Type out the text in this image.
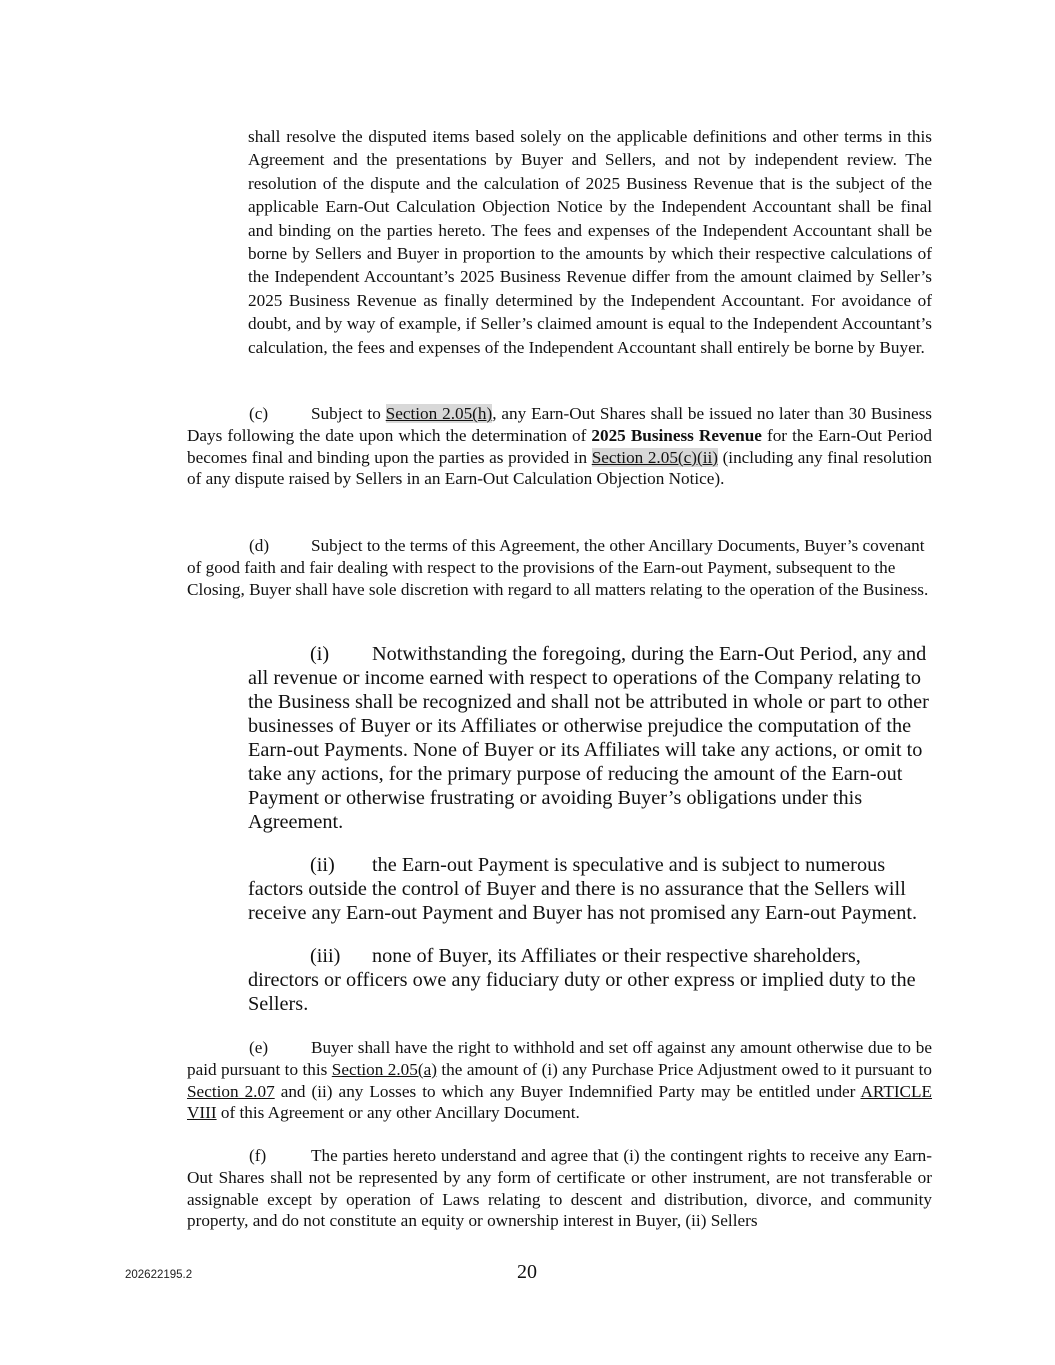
shall resolve the disputed items based solely on the applicable definitions and other terms in this Agreement and the presentations by Buyer and Sellers, and not by independent review. The resolution of the dispute and the calculation of 2025 Business Revenue that is the subject of the applicable Earn-Out Calculation Objection Notice by the Independent Accountant shall be final and binding on the parties hereto. The fees and expenses of the Independent Accountant shall be borne by Sellers and Buyer in proportion to the amounts by which their respective calculations of the Independent Accountant’s 2025 Business Revenue differ from the amount claimed by Seller’s 2025 Business Revenue as finally determined by the Independent Accountant. For avoidance of doubt, and by way of example, if Seller’s claimed amount is equal to the Independent Accountant’s calculation, the fees and expenses of the Independent Accountant shall entirely be borne by Buyer.

(c) Subject to Section 2.05(h), any Earn-Out Shares shall be issued no later than 30 Business Days following the date upon which the determination of 2025 Business Revenue for the Earn-Out Period becomes final and binding upon the parties as provided in Section 2.05(c)(ii) (including any final resolution of any dispute raised by Sellers in an Earn-Out Calculation Objection Notice).

(d) Subject to the terms of this Agreement, the other Ancillary Documents, Buyer’s covenant of good faith and fair dealing with respect to the provisions of the Earn-out Payment, subsequent to the Closing, Buyer shall have sole discretion with regard to all matters relating to the operation of the Business.

(i) Notwithstanding the foregoing, during the Earn-Out Period, any and all revenue or income earned with respect to operations of the Company relating to the Business shall be recognized and shall not be attributed in whole or part to other businesses of Buyer or its Affiliates or otherwise prejudice the computation of the Earn-out Payments. None of Buyer or its Affiliates will take any actions, or omit to take any actions, for the primary purpose of reducing the amount of the Earn-out Payment or otherwise frustrating or avoiding Buyer’s obligations under this Agreement.

(ii) the Earn-out Payment is speculative and is subject to numerous factors outside the control of Buyer and there is no assurance that the Sellers will receive any Earn-out Payment and Buyer has not promised any Earn-out Payment.

(iii) none of Buyer, its Affiliates or their respective shareholders, directors or officers owe any fiduciary duty or other express or implied duty to the Sellers.

(e) Buyer shall have the right to withhold and set off against any amount otherwise due to be paid pursuant to this Section 2.05(a) the amount of (i) any Purchase Price Adjustment owed to it pursuant to Section 2.07 and (ii) any Losses to which any Buyer Indemnified Party may be entitled under ARTICLE VIII of this Agreement or any other Ancillary Document.

(f)	The parties hereto understand and agree that (i) the contingent rights to receive any Earn-Out Shares shall not be represented by any form of certificate or other instrument, are not transferable or assignable except by operation of Laws relating to descent and distribution, divorce, and community property, and do not constitute an equity or ownership interest in Buyer, (ii) Sellers

202622195.2	20
